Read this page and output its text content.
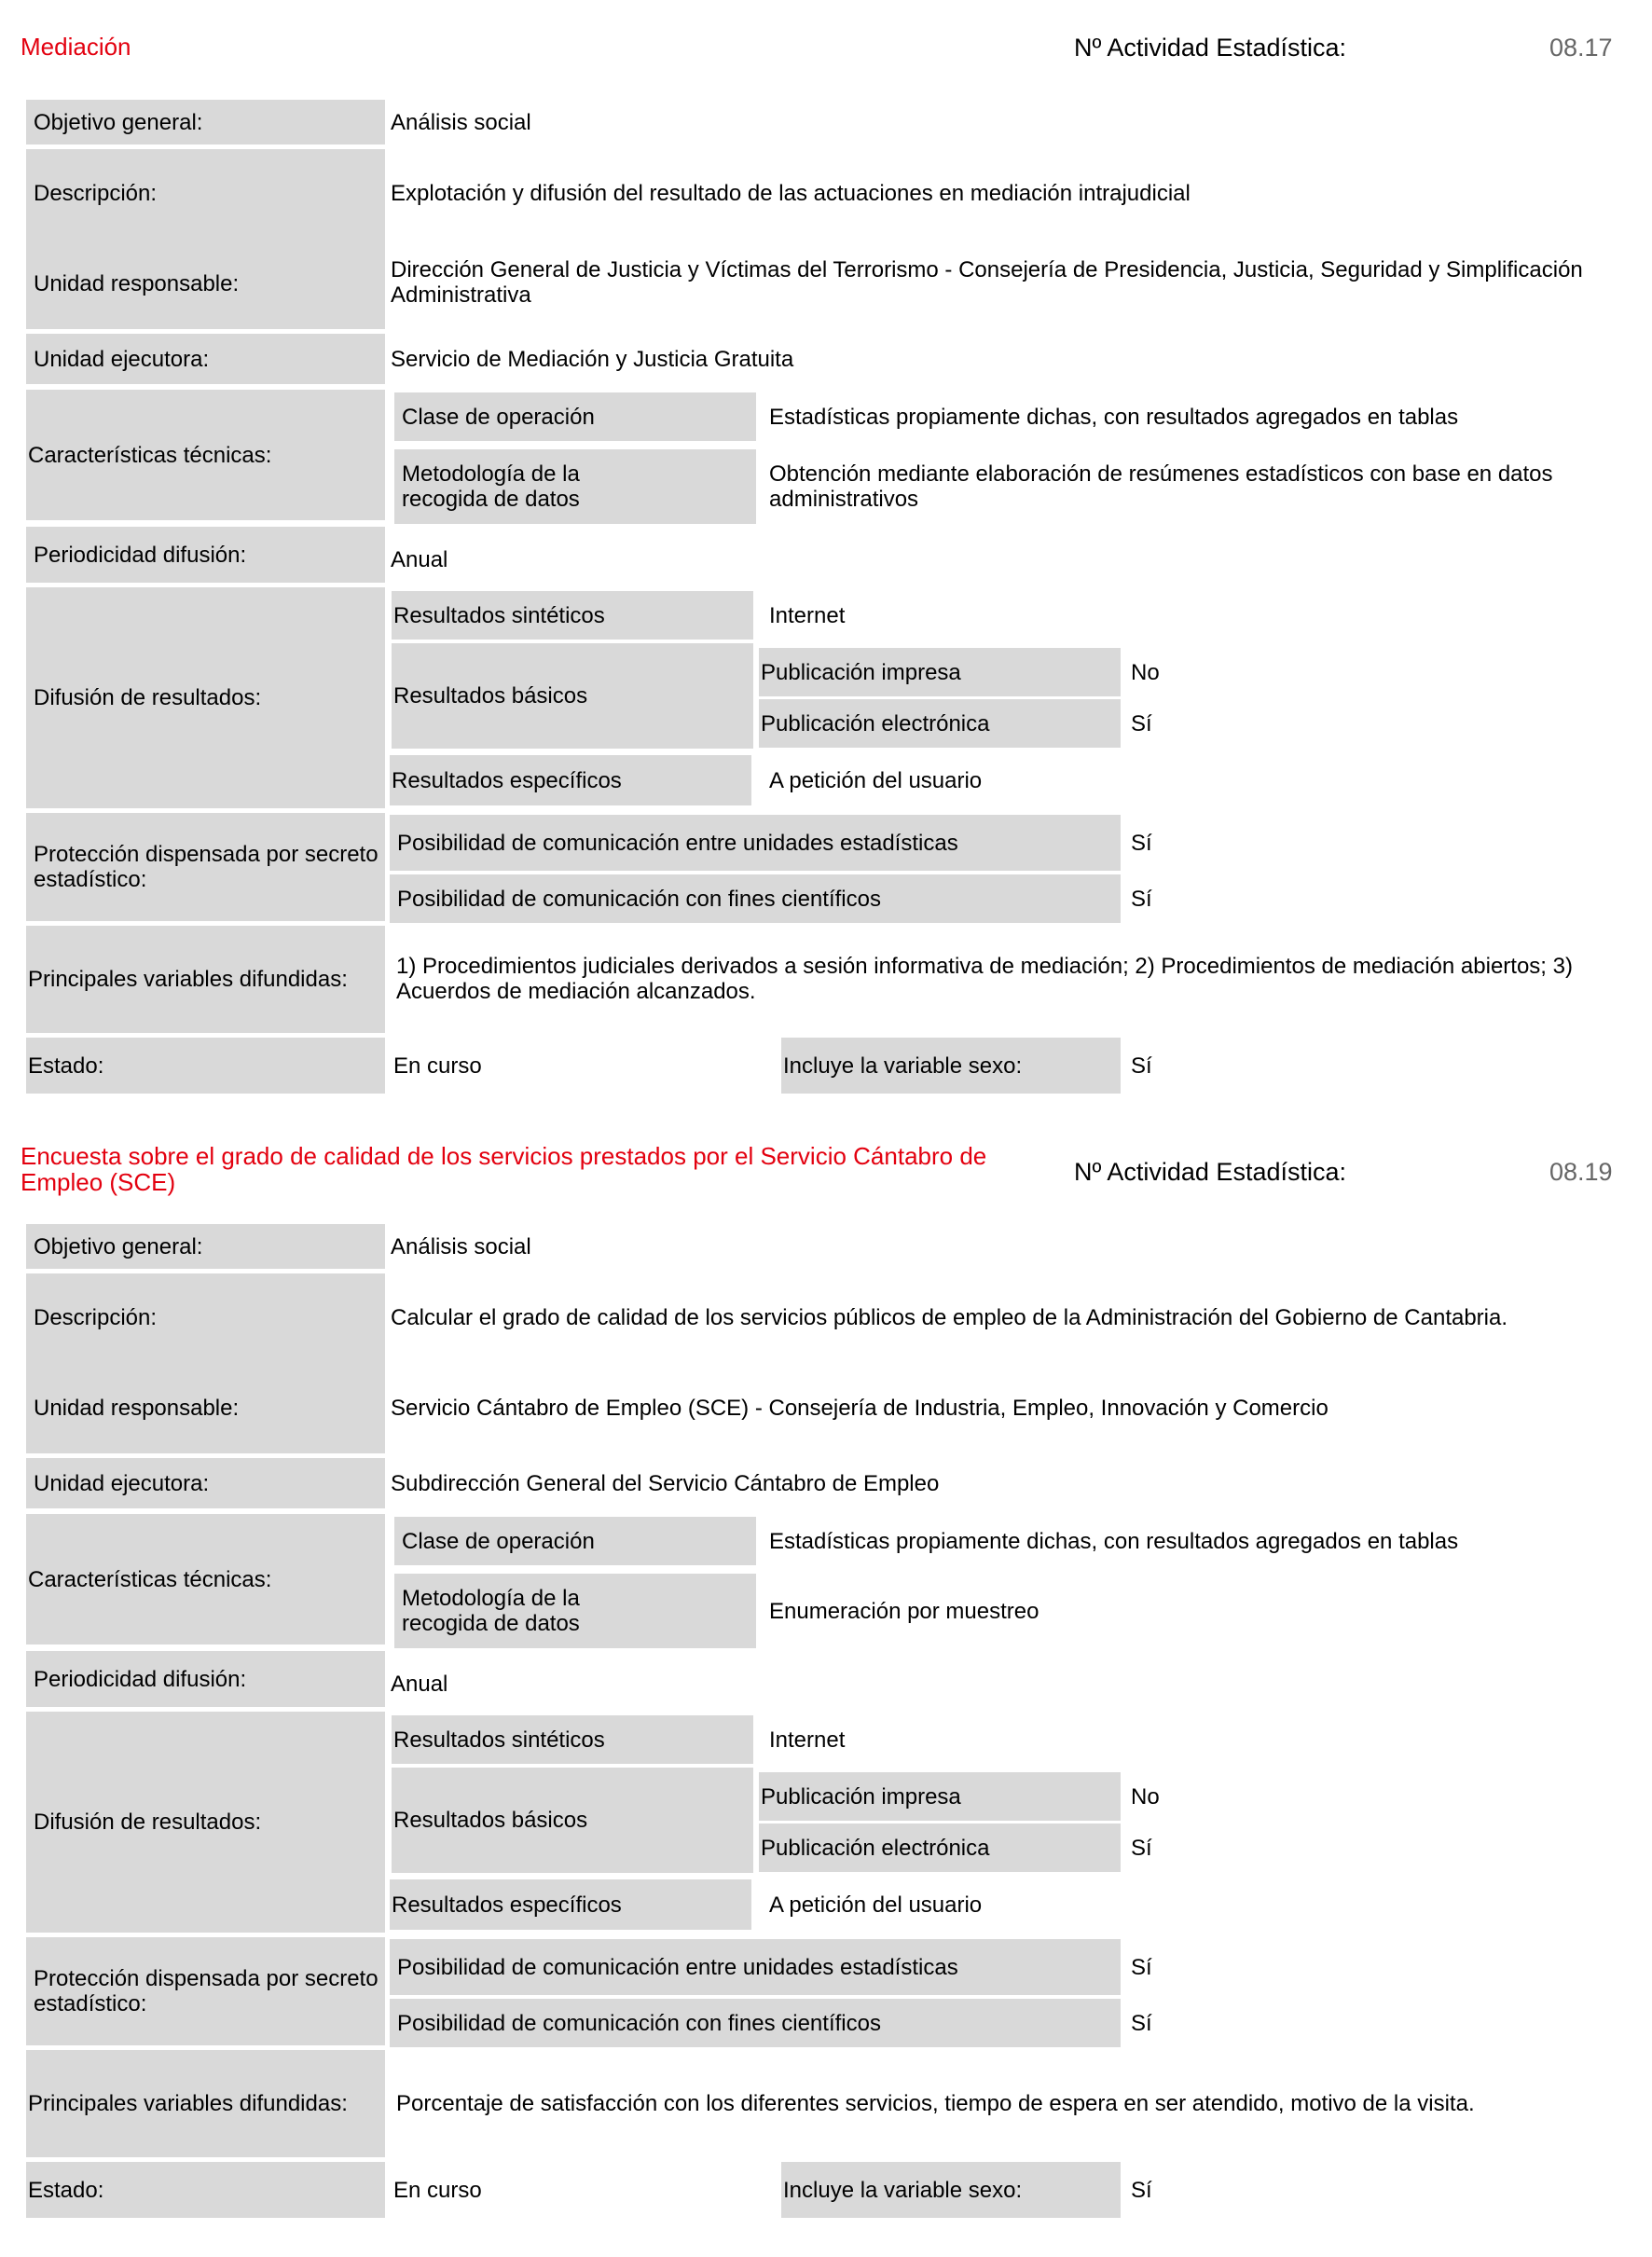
Mediación	Nº Actividad Estadística:	08.17
Objetivo general:	Análisis social
Descripción:	Explotación y difusión del resultado de las actuaciones en mediación intrajudicial
Unidad responsable:
Dirección General de Justicia y Víctimas del Terrorismo - Consejería de Presidencia, Justicia, Seguridad y Simplificación Administrativa
Unidad ejecutora:	Servicio de Mediación y Justicia Gratuita
Características técnicas:
Clase de operación	Estadísticas propiamente dichas, con resultados agregados en tablas
Metodología de la recogida de datos
Obtención mediante elaboración de resúmenes estadísticos con base en datos administrativos
Periodicidad difusión:	Anual
Difusión de resultados:
Resultados sintéticos	Internet
Resultados básicos
Publicación impresa	No
Publicación electrónica	Sí
Resultados específicos	A petición del usuario
Protección dispensada por secreto estadístico:
Posibilidad de comunicación entre unidades estadísticas	Sí
Posibilidad de comunicación con fines científicos	Sí
Principales variables difundidas:
1) Procedimientos judiciales derivados a sesión informativa de mediación; 2) Procedimientos de mediación abiertos; 3) Acuerdos de mediación alcanzados.
Estado:	En curso	Incluye la variable sexo:	Sí
Encuesta sobre el grado de calidad de los servicios prestados por el Servicio Cántabro de Empleo (SCE)	Nº Actividad Estadística:	08.19
Objetivo general:	Análisis social
Descripción:	Calcular el grado de calidad de los servicios públicos de empleo de la Administración del Gobierno de Cantabria.
Unidad responsable:	Servicio Cántabro de Empleo (SCE) - Consejería de Industria, Empleo, Innovación y Comercio
Unidad ejecutora:	Subdirección General del Servicio Cántabro de Empleo
Características técnicas:
Clase de operación	Estadísticas propiamente dichas, con resultados agregados en tablas
Metodología de la recogida de datos	Enumeración por muestreo
Periodicidad difusión:	Anual
Difusión de resultados:
Resultados sintéticos	Internet
Resultados básicos
Publicación impresa	No
Publicación electrónica	Sí
Resultados específicos	A petición del usuario
Protección dispensada por secreto estadístico:
Posibilidad de comunicación entre unidades estadísticas	Sí
Posibilidad de comunicación con fines científicos	Sí
Principales variables difundidas:	Porcentaje de satisfacción con los diferentes servicios, tiempo de espera en ser atendido, motivo de la visita.
Estado:	En curso	Incluye la variable sexo:	Sí
